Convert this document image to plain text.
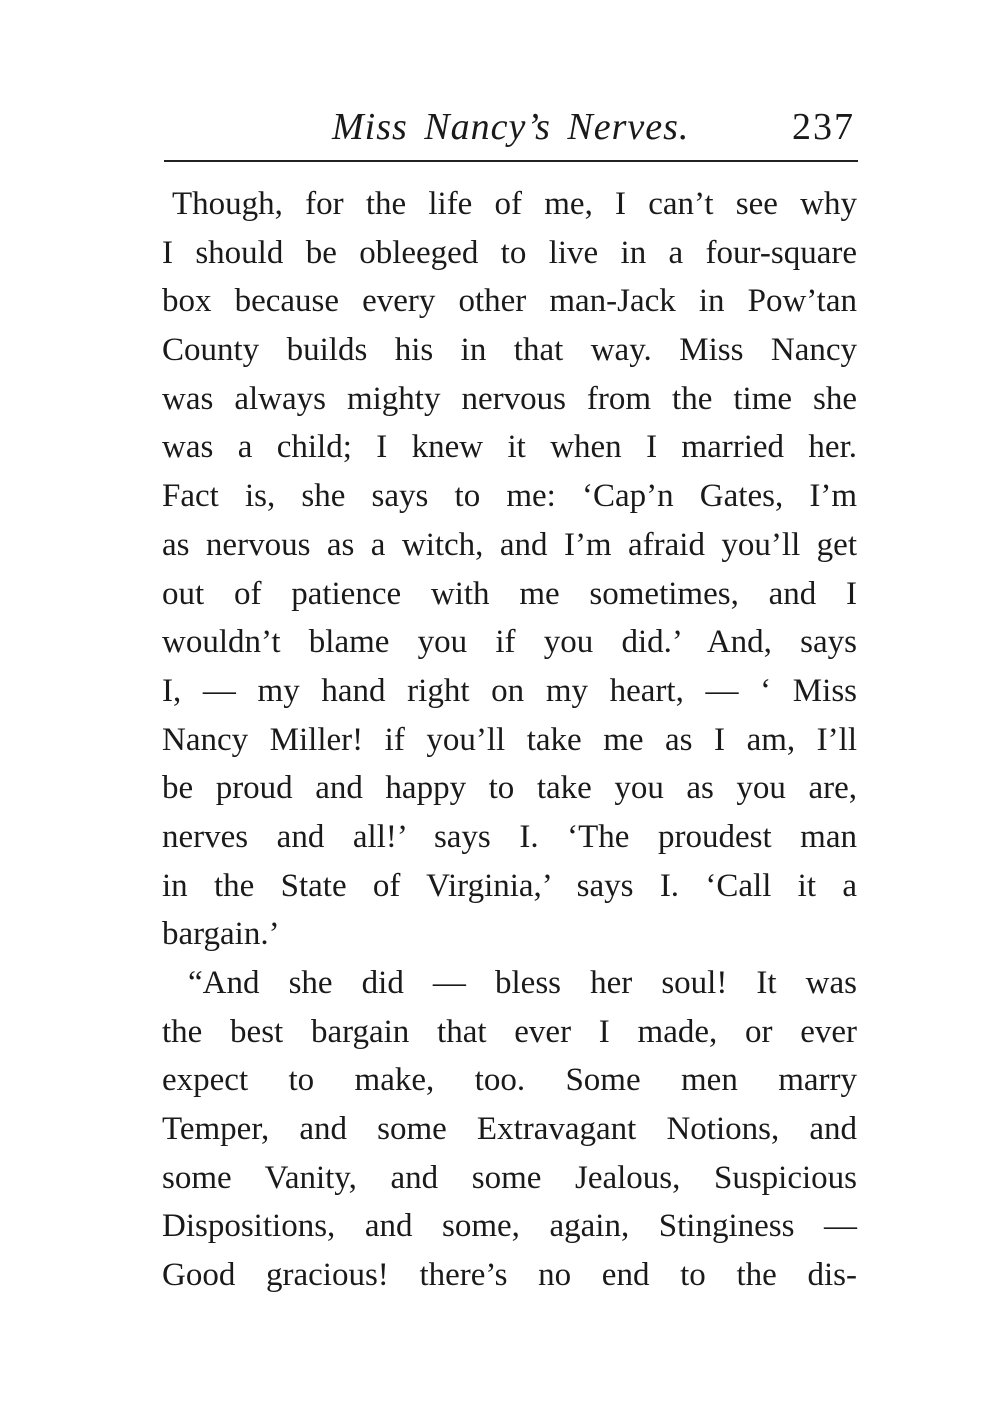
Miss Nancy’s Nerves.	237
Though, for the life of me, I can’t see why
I should be obleeged to live in a four-square
box because every other man-Jack in Pow’tan
County builds his in that way. Miss Nancy
was always mighty nervous from the time she
was a child; I knew it when I married her.
Fact is, she says to me: ‘Cap’n Gates, I’m
as nervous as a witch, and I’m afraid you’ll get
out of patience with me sometimes, and I
wouldn’t blame you if you did.’ And, says
I, — my hand right on my heart, — ‘ Miss
Nancy Miller! if you’ll take me as I am, I’ll
be proud and happy to take you as you are,
nerves and all!’ says I. ‘The proudest man
in the State of Virginia,’ says I. ‘Call it a
bargain.’
“And she did — bless her soul! It was
the best bargain that ever I made, or ever
expect to make, too. Some men marry
Temper, and some Extravagant Notions, and
some Vanity, and some Jealous, Suspicious
Dispositions, and some, again, Stinginess —
Good gracious! there’s no end to the dis-
